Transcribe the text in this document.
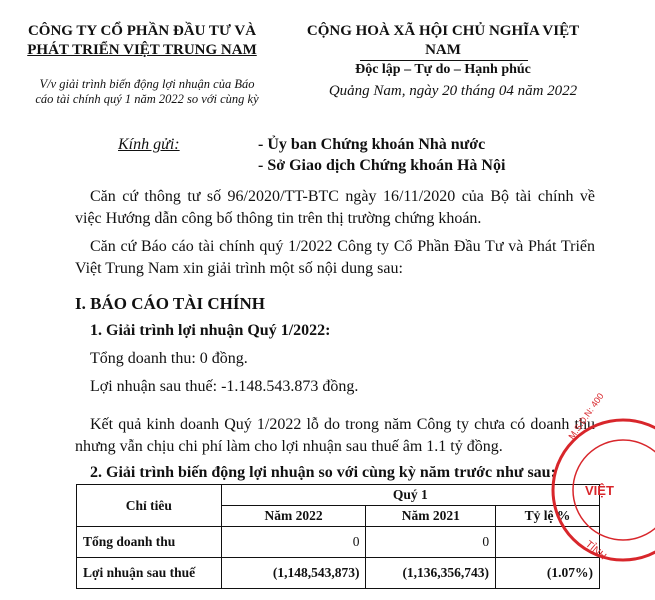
CÔNG TY CỔ PHẦN ĐẦU TƯ VÀ
PHÁT TRIỂN VIỆT TRUNG NAM
V/v giải trình biến động lợi nhuận của Báo
cáo tài chính quý 1 năm 2022 so với cùng kỳ
CỘNG HOÀ XÃ HỘI CHỦ NGHĨA VIỆT NAM
Độc lập – Tự do – Hạnh phúc
Quảng Nam, ngày 20 tháng 04 năm 2022
Kính gửi:	- Ủy ban Chứng khoán Nhà nước
- Sở Giao dịch Chứng khoán Hà Nội
Căn cứ thông tư số 96/2020/TT-BTC ngày 16/11/2020 của Bộ tài chính về việc Hướng dẫn công bố thông tin trên thị trường chứng khoán.
Căn cứ Báo cáo tài chính quý 1/2022 Công ty Cổ Phần Đầu Tư và Phát Triển Việt Trung Nam xin giải trình một số nội dung sau:
I. BÁO CÁO TÀI CHÍNH
1. Giải trình lợi nhuận Quý 1/2022:
Tổng doanh thu: 0 đồng.
Lợi nhuận sau thuế: -1.148.543.873 đồng.
Kết quả kinh doanh Quý 1/2022 lỗ do trong năm Công ty chưa có doanh thu nhưng vẫn chịu chi phí làm cho lợi nhuận sau thuế âm 1.1 tỷ đồng.
2. Giải trình biến động lợi nhuận so với cùng kỳ năm trước như sau:
Chỉ tiêu	Quý 1		
	Năm 2022	Năm 2021	Tỷ lệ %
Tổng doanh thu	0	0	
Lợi nhuận sau thuế	(1,148,543,873)	(1,136,356,743)	(1.07%)
M.S.D.N: 400
VIỆT
TỈNH
